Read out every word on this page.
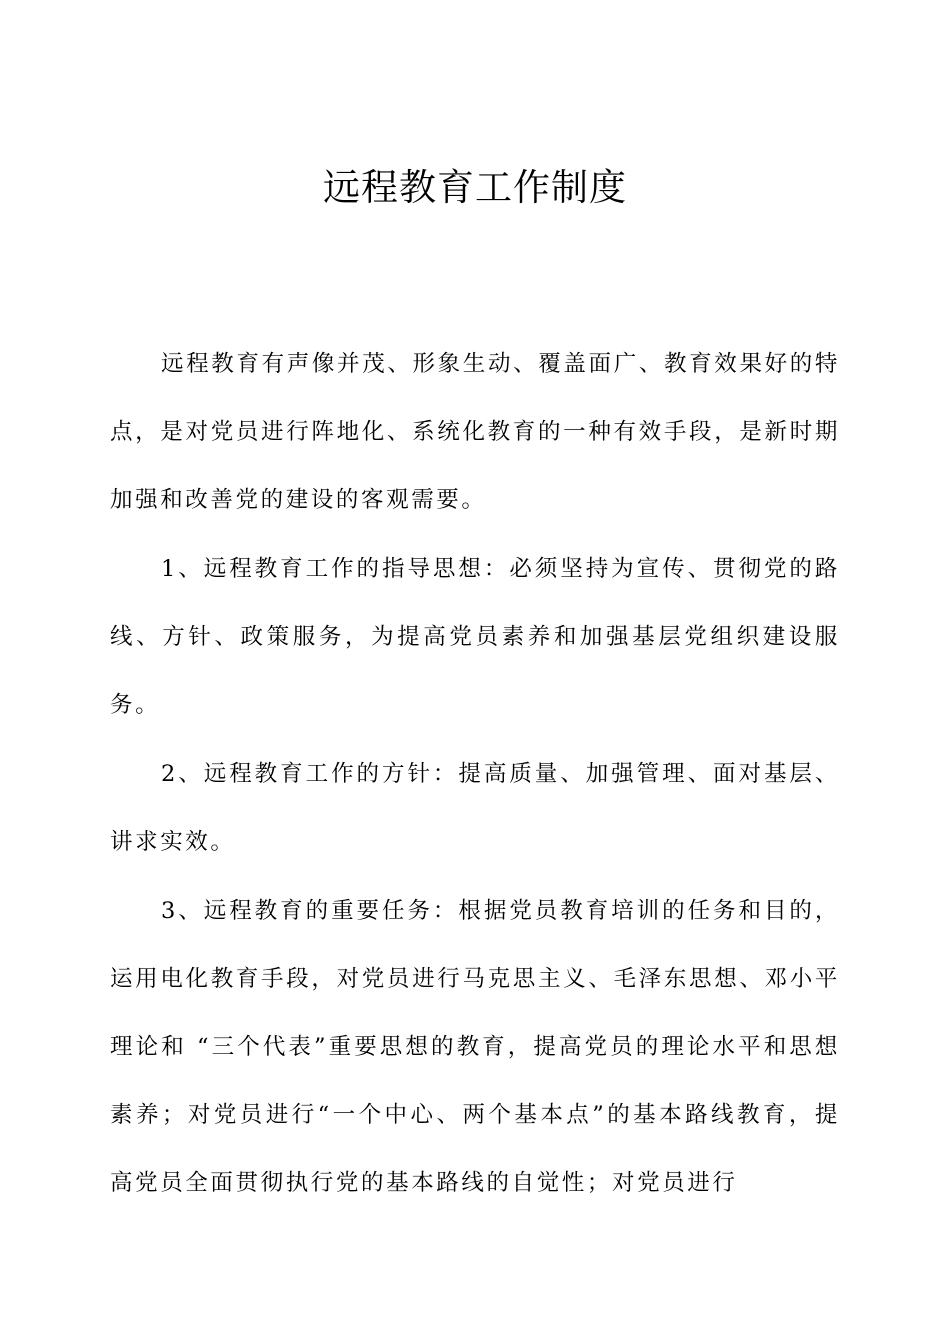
远程教育工作制度

远程教育有声像并茂、形象生动、覆盖面广、教育效果好的特点，是对党员进行阵地化、系统化教育的一种有效手段，是新时期加强和改善党的建设的客观需要。

1、远程教育工作的指导思想：必须坚持为宣传、贯彻党的路线、方针、政策服务，为提高党员素养和加强基层党组织建设服务。

2、远程教育工作的方针：提高质量、加强管理、面对基层、讲求实效。

3、远程教育的重要任务：根据党员教育培训的任务和目的，运用电化教育手段，对党员进行马克思主义、毛泽东思想、邓小平理论和 “三个代表”重要思想的教育，提高党员的理论水平和思想素养；对党员进行“一个中心、两个基本点”的基本路线教育，提高党员全面贯彻执行党的基本路线的自觉性；对党员进行
